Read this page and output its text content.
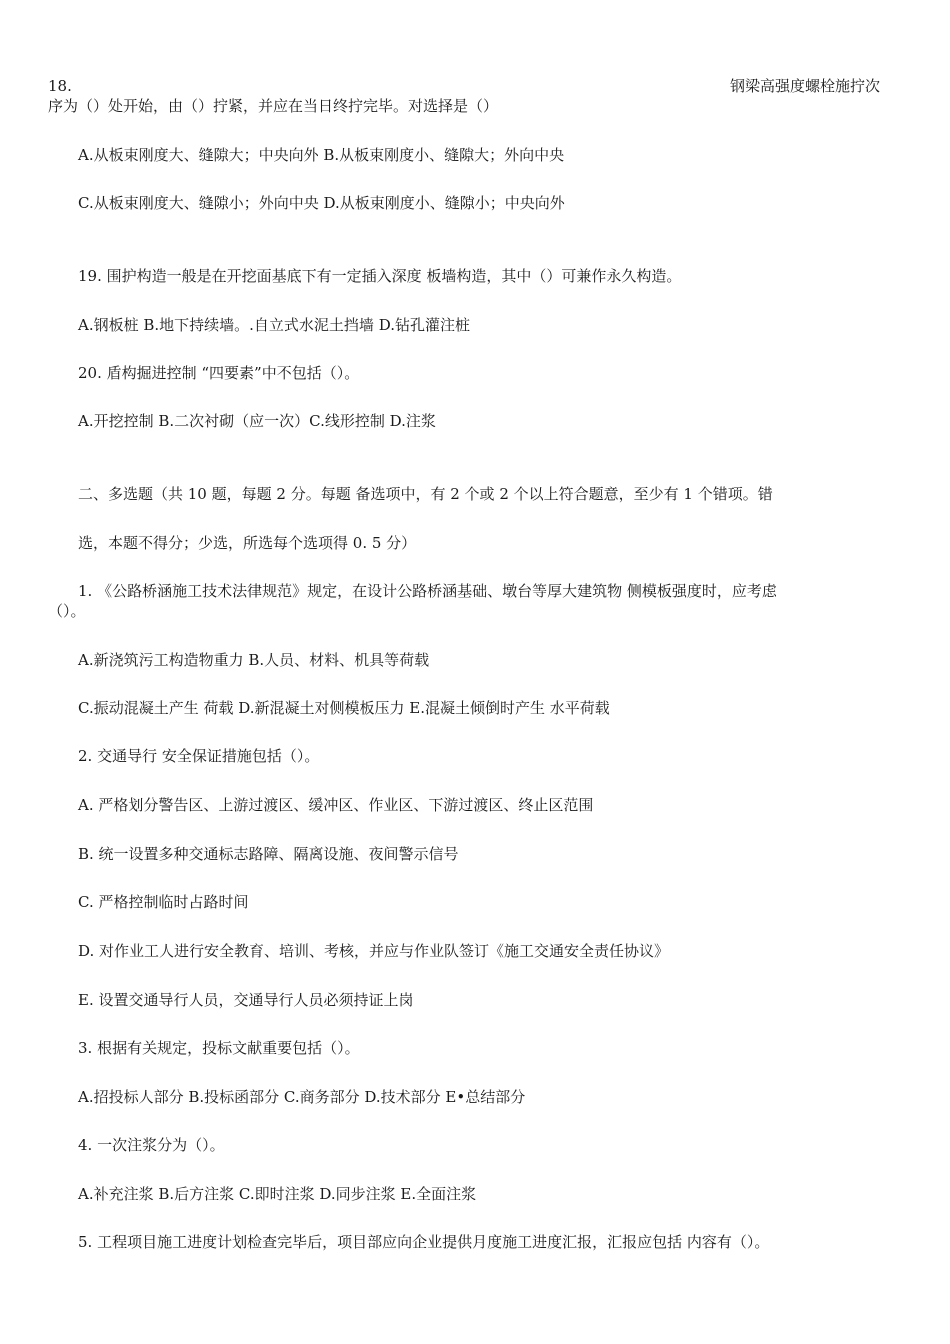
18.	钢梁高强度螺栓施拧次
序为（）处开始，由（）拧紧，并应在当日终拧完毕。对选择是（）
A.从板束刚度大、缝隙大；中央向外 B.从板束刚度小、缝隙大；外向中央
C.从板束刚度大、缝隙小；外向中央 D.从板束刚度小、缝隙小；中央向外
19. 围护构造一般是在开挖面基底下有一定插入深度 板墙构造，其中（）可兼作永久构造。
A.钢板桩 B.地下持续墙。.自立式水泥土挡墙 D.钻孔灌注桩
20. 盾构掘进控制 “四要素”中不包括（）。
A.开挖控制 B.二次衬砌（应一次）C.线形控制 D.注浆
二、多选题（共 10 题，每题 2 分。每题 备选项中，有 2 个或 2 个以上符合题意，至少有 1 个错项。错
选，本题不得分；少选，所选每个选项得 0. 5 分）
1. 《公路桥涵施工技术法律规范》规定，在设计公路桥涵基础、墩台等厚大建筑物 侧模板强度时，应考虑
（）。
A.新浇筑污工构造物重力 B.人员、材料、机具等荷载
C.振动混凝土产生 荷载 D.新混凝土对侧模板压力 E.混凝土倾倒时产生 水平荷载
2. 交通导行 安全保证措施包括（）。
A. 严格划分警告区、上游过渡区、缓冲区、作业区、下游过渡区、终止区范围
B. 统一设置多种交通标志路障、隔离设施、夜间警示信号
C. 严格控制临时占路时间
D. 对作业工人进行安全教育、培训、考核，并应与作业队签订《施工交通安全责任协议》
E. 设置交通导行人员，交通导行人员必须持证上岗
3. 根据有关规定，投标文献重要包括（）。
A.招投标人部分 B.投标函部分 C.商务部分 D.技术部分 E•总结部分
4. 一次注浆分为（）。
A.补充注浆 B.后方注浆 C.即时注浆 D.同步注浆 E.全面注浆
5. 工程项目施工进度计划检查完毕后，项目部应向企业提供月度施工进度汇报，汇报应包括 内容有（）。
